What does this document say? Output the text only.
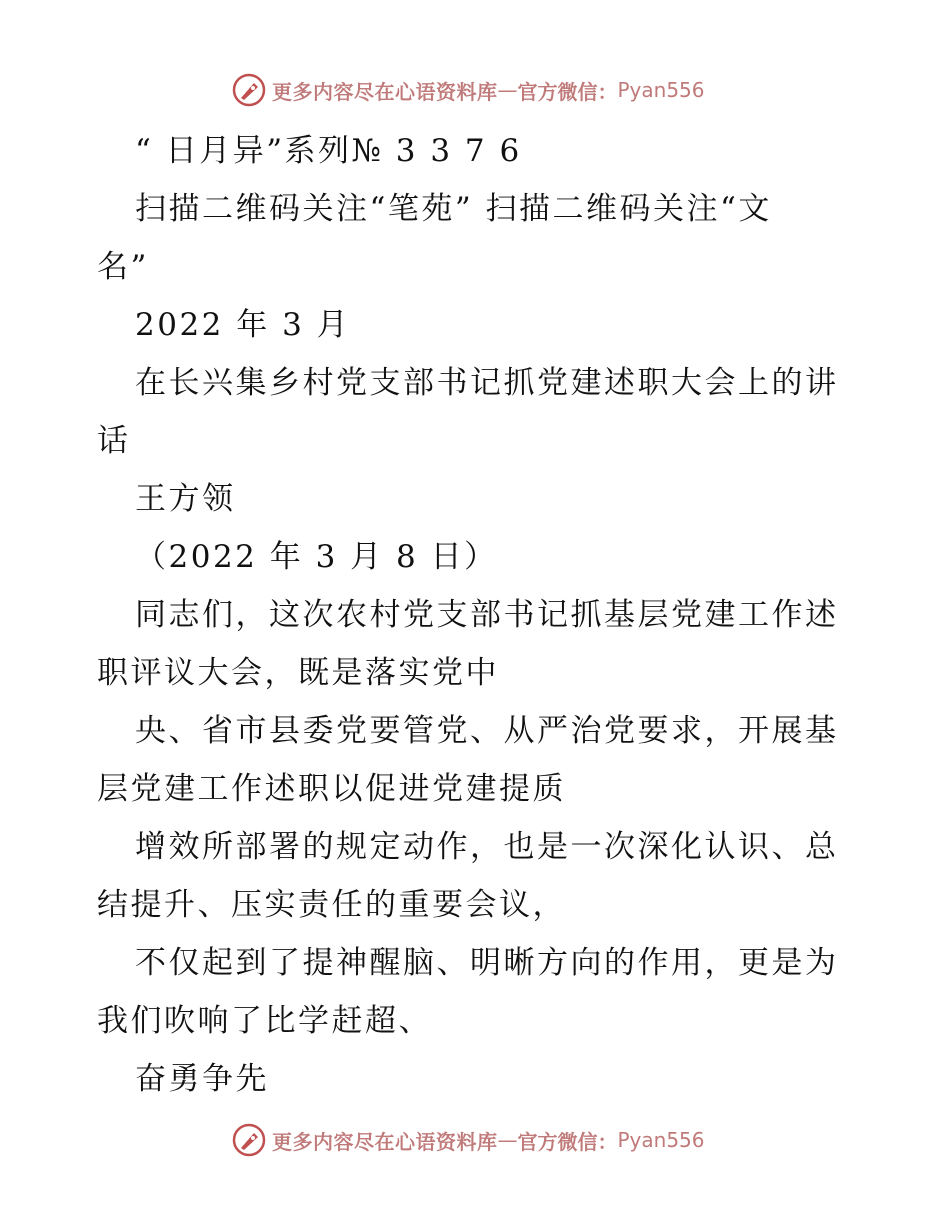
更多内容尽在心语资料库 — 官方微信： Pyan556
“ 日月异”系列№ 3 3 7 6
扫描二维码关注“笔苑” 扫描二维码关注“文
名”
2022 年 3 月
在长兴集乡村党支部书记抓党建述职大会上的讲
话
王方领
（2022 年 3 月 8 日）
同志们，这次农村党支部书记抓基层党建工作述
职评议大会，既是落实党中
央、省市县委党要管党、从严治党要求，开展基
层党建工作述职以促进党建提质
增效所部署的规定动作，也是一次深化认识、总
结提升、压实责任的重要会议，
不仅起到了提神醒脑、明晰方向的作用，更是为
我们吹响了比学赶超、
奋勇争先
更多内容尽在心语资料库 — 官方微信： Pyan556
